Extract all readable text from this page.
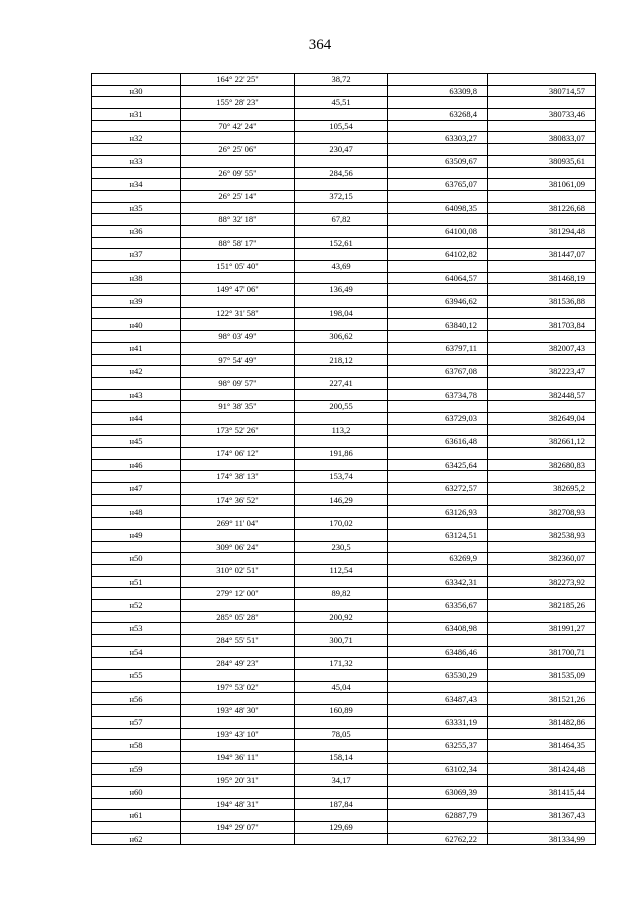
364
	164° 22' 25"	38,72		
н30			63309,8	380714,57
	155° 28' 23"	45,51		
н31			63268,4	380733,46
	70° 42' 24"	105,54		
н32			63303,27	380833,07
	26° 25' 06"	230,47		
н33			63509,67	380935,61
	26° 09' 55"	284,56		
н34			63765,07	381061,09
	26° 25' 14"	372,15		
н35			64098,35	381226,68
	88° 32' 18"	67,82		
н36			64100,08	381294,48
	88° 58' 17"	152,61		
н37			64102,82	381447,07
	151° 05' 40"	43,69		
н38			64064,57	381468,19
	149° 47' 06"	136,49		
н39			63946,62	381536,88
	122° 31' 58"	198,04		
н40			63840,12	381703,84
	98° 03' 49"	306,62		
н41			63797,11	382007,43
	97° 54' 49"	218,12		
н42			63767,08	382223,47
	98° 09' 57"	227,41		
н43			63734,78	382448,57
	91° 38' 35"	200,55		
н44			63729,03	382649,04
	173° 52' 26"	113,2		
н45			63616,48	382661,12
	174° 06' 12"	191,86		
н46			63425,64	382680,83
	174° 38' 13"	153,74		
н47			63272,57	382695,2
	174° 36' 52"	146,29		
н48			63126,93	382708,93
	269° 11' 04"	170,02		
н49			63124,51	382538,93
	309° 06' 24"	230,5		
н50			63269,9	382360,07
	310° 02' 51"	112,54		
н51			63342,31	382273,92
	279° 12' 00"	89,82		
н52			63356,67	382185,26
	285° 05' 28"	200,92		
н53			63408,98	381991,27
	284° 55' 51"	300,71		
н54			63486,46	381700,71
	284° 49' 23"	171,32		
н55			63530,29	381535,09
	197° 53' 02"	45,04		
н56			63487,43	381521,26
	193° 48' 30"	160,89		
н57			63331,19	381482,86
	193° 43' 10"	78,05		
н58			63255,37	381464,35
	194° 36' 11"	158,14		
н59			63102,34	381424,48
	195° 20' 31"	34,17		
н60			63069,39	381415,44
	194° 48' 31"	187,84		
н61			62887,79	381367,43
	194° 29' 07"	129,69		
н62			62762,22	381334,99
